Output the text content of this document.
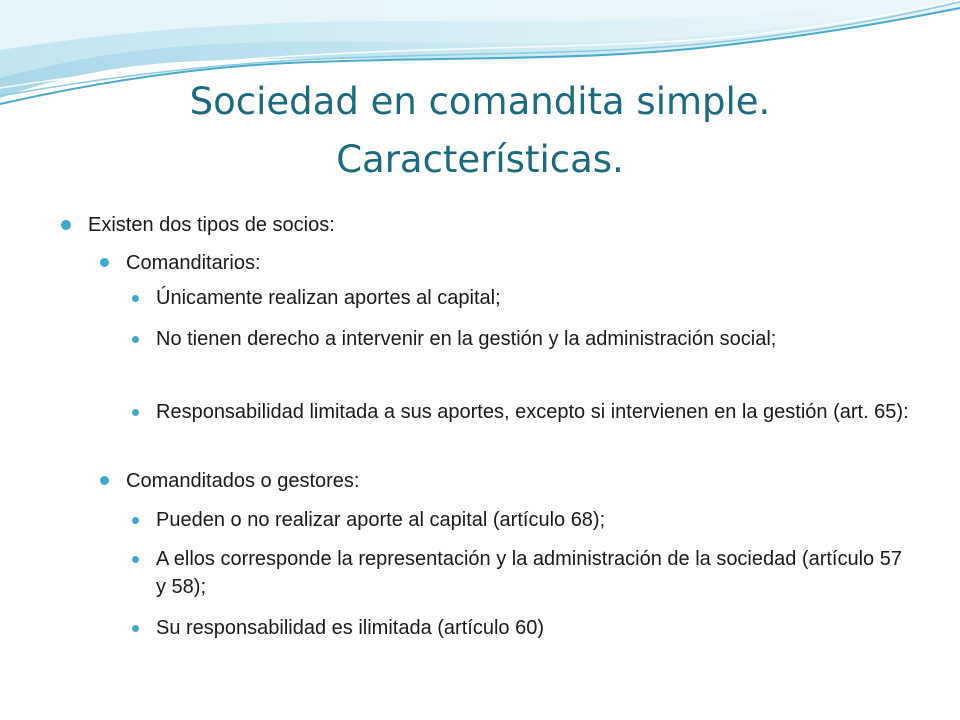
Sociedad en comandita simple.
Características.
Existen dos tipos de socios:
Comanditarios:
Únicamente realizan aportes al capital;
No tienen derecho a intervenir en la gestión y la administración social;
Responsabilidad limitada a sus aportes, excepto si intervienen en la gestión (art. 65):
Comanditados o gestores:
Pueden o no realizar aporte al capital (artículo 68);
A ellos corresponde la representación y la administración de la sociedad (artículo 57 y 58);
Su responsabilidad es ilimitada (artículo 60)
